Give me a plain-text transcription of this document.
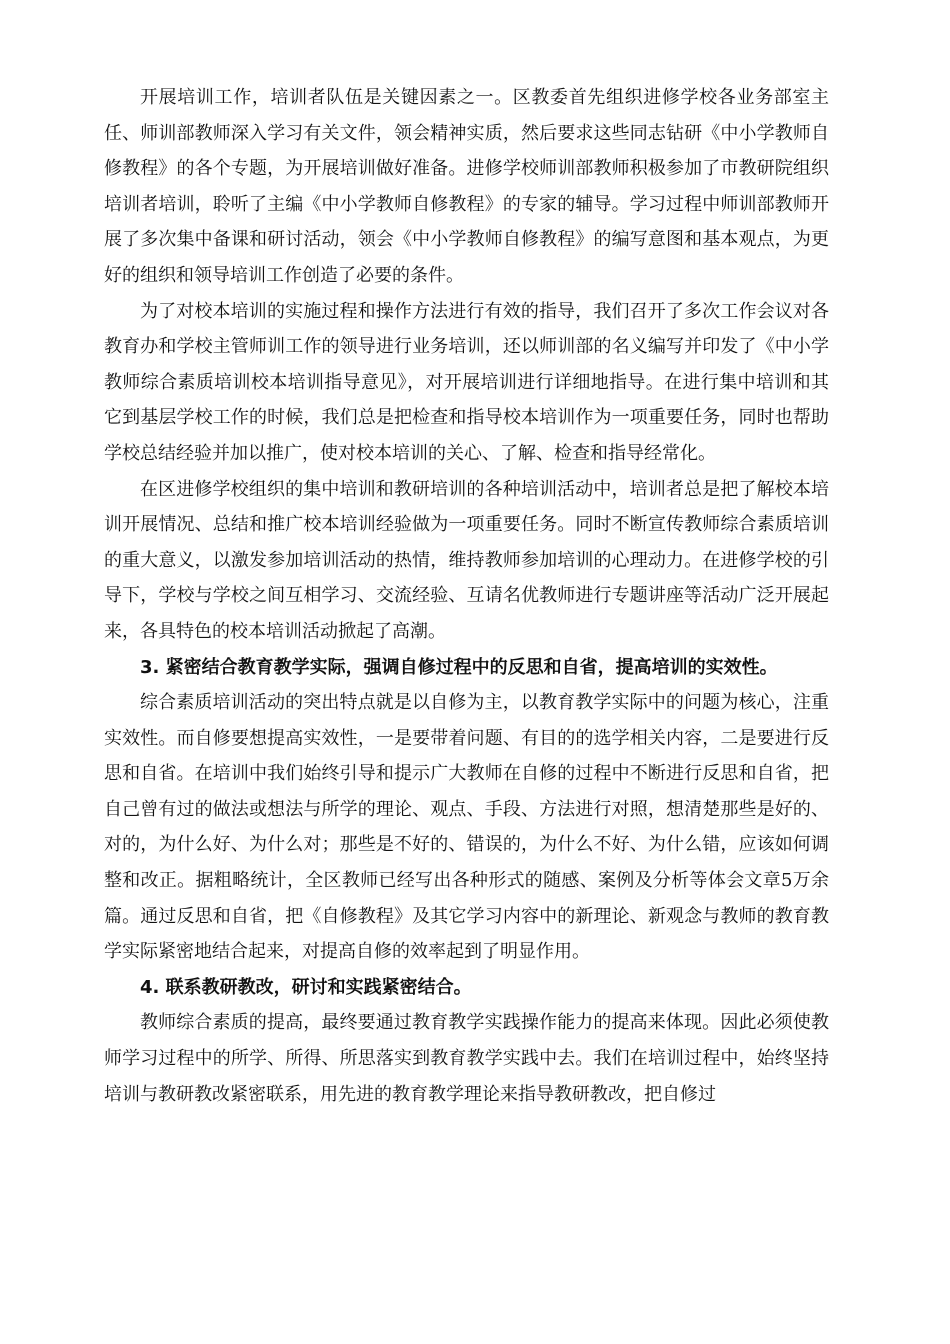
开展培训工作，培训者队伍是关键因素之一。区教委首先组织进修学校各业务部室主任、师训部教师深入学习有关文件，领会精神实质，然后要求这些同志钻研《中小学教师自修教程》的各个专题，为开展培训做好准备。进修学校师训部教师积极参加了市教研院组织培训者培训，聆听了主编《中小学教师自修教程》的专家的辅导。学习过程中师训部教师开展了多次集中备课和研讨活动，领会《中小学教师自修教程》的编写意图和基本观点，为更好的组织和领导培训工作创造了必要的条件。

为了对校本培训的实施过程和操作方法进行有效的指导，我们召开了多次工作会议对各教育办和学校主管师训工作的领导进行业务培训，还以师训部的名义编写并印发了《中小学教师综合素质培训校本培训指导意见》，对开展培训进行详细地指导。在进行集中培训和其它到基层学校工作的时候，我们总是把检查和指导校本培训作为一项重要任务，同时也帮助学校总结经验并加以推广，使对校本培训的关心、了解、检查和指导经常化。

在区进修学校组织的集中培训和教研培训的各种培训活动中，培训者总是把了解校本培训开展情况、总结和推广校本培训经验做为一项重要任务。同时不断宣传教师综合素质培训的重大意义，以激发参加培训活动的热情，维持教师参加培训的心理动力。在进修学校的引导下，学校与学校之间互相学习、交流经验、互请名优教师进行专题讲座等活动广泛开展起来，各具特色的校本培训活动掀起了高潮。

3. 紧密结合教育教学实际，强调自修过程中的反思和自省，提高培训的实效性。

综合素质培训活动的突出特点就是以自修为主，以教育教学实际中的问题为核心，注重实效性。而自修要想提高实效性，一是要带着问题、有目的的选学相关内容，二是要进行反思和自省。在培训中我们始终引导和提示广大教师在自修的过程中不断进行反思和自省，把自己曾有过的做法或想法与所学的理论、观点、手段、方法进行对照，想清楚那些是好的、对的，为什么好、为什么对；那些是不好的、错误的，为什么不好、为什么错，应该如何调整和改正。据粗略统计，全区教师已经写出各种形式的随感、案例及分析等体会文章5万余篇。通过反思和自省，把《自修教程》及其它学习内容中的新理论、新观念与教师的教育教学实际紧密地结合起来，对提高自修的效率起到了明显作用。

4. 联系教研教改，研讨和实践紧密结合。

教师综合素质的提高，最终要通过教育教学实践操作能力的提高来体现。因此必须使教师学习过程中的所学、所得、所思落实到教育教学实践中去。我们在培训过程中，始终坚持培训与教研教改紧密联系，用先进的教育教学理论来指导教研教改，把自修过
